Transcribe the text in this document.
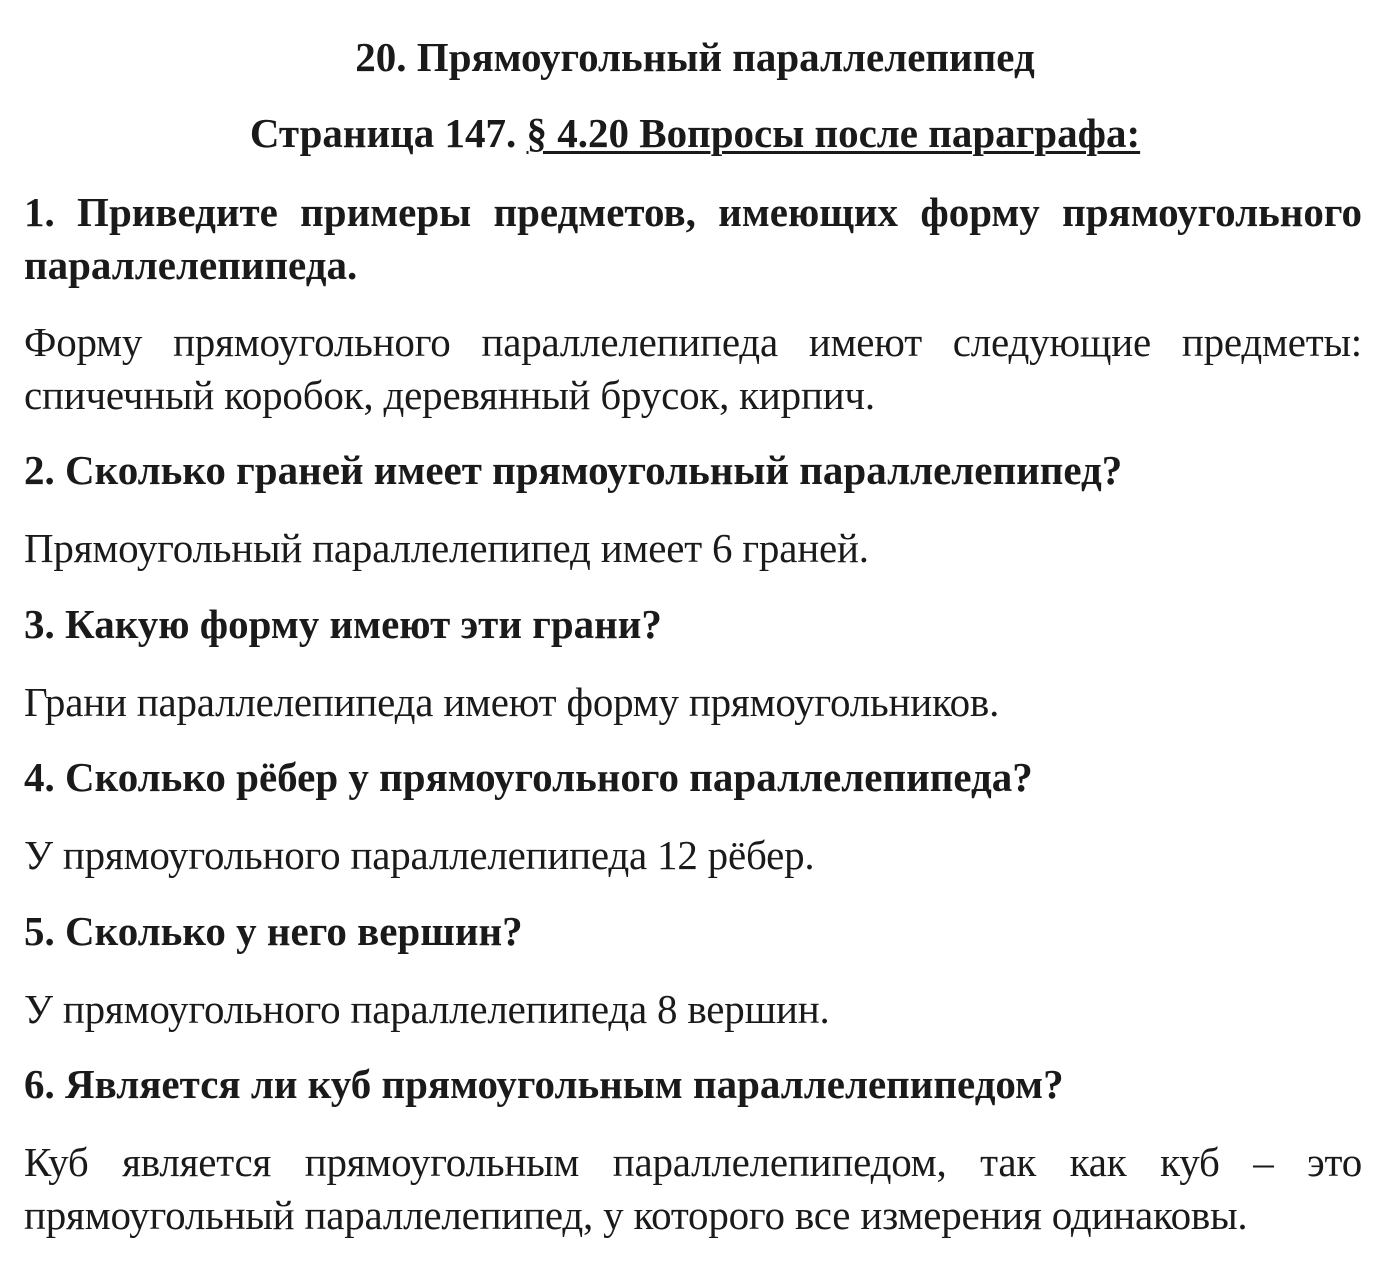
20. Прямоугольный параллелепипед
Страница 147. § 4.20 Вопросы после параграфа:

1. Приведите примеры предметов, имеющих форму прямоугольного параллелепипеда.

Форму прямоугольного параллелепипеда имеют следующие предметы: спичечный коробок, деревянный брусок, кирпич.

2. Сколько граней имеет прямоугольный параллелепипед?

Прямоугольный параллелепипед имеет 6 граней.

3. Какую форму имеют эти грани?

Грани параллелепипеда имеют форму прямоугольников.

4. Сколько рёбер у прямоугольного параллелепипеда?

У прямоугольного параллелепипеда 12 рёбер.

5. Сколько у него вершин?

У прямоугольного параллелепипеда 8 вершин.

6. Является ли куб прямоугольным параллелепипедом?

Куб является прямоугольным параллелепипедом, так как куб – это прямоугольный параллелепипед, у которого все измерения одинаковы.
